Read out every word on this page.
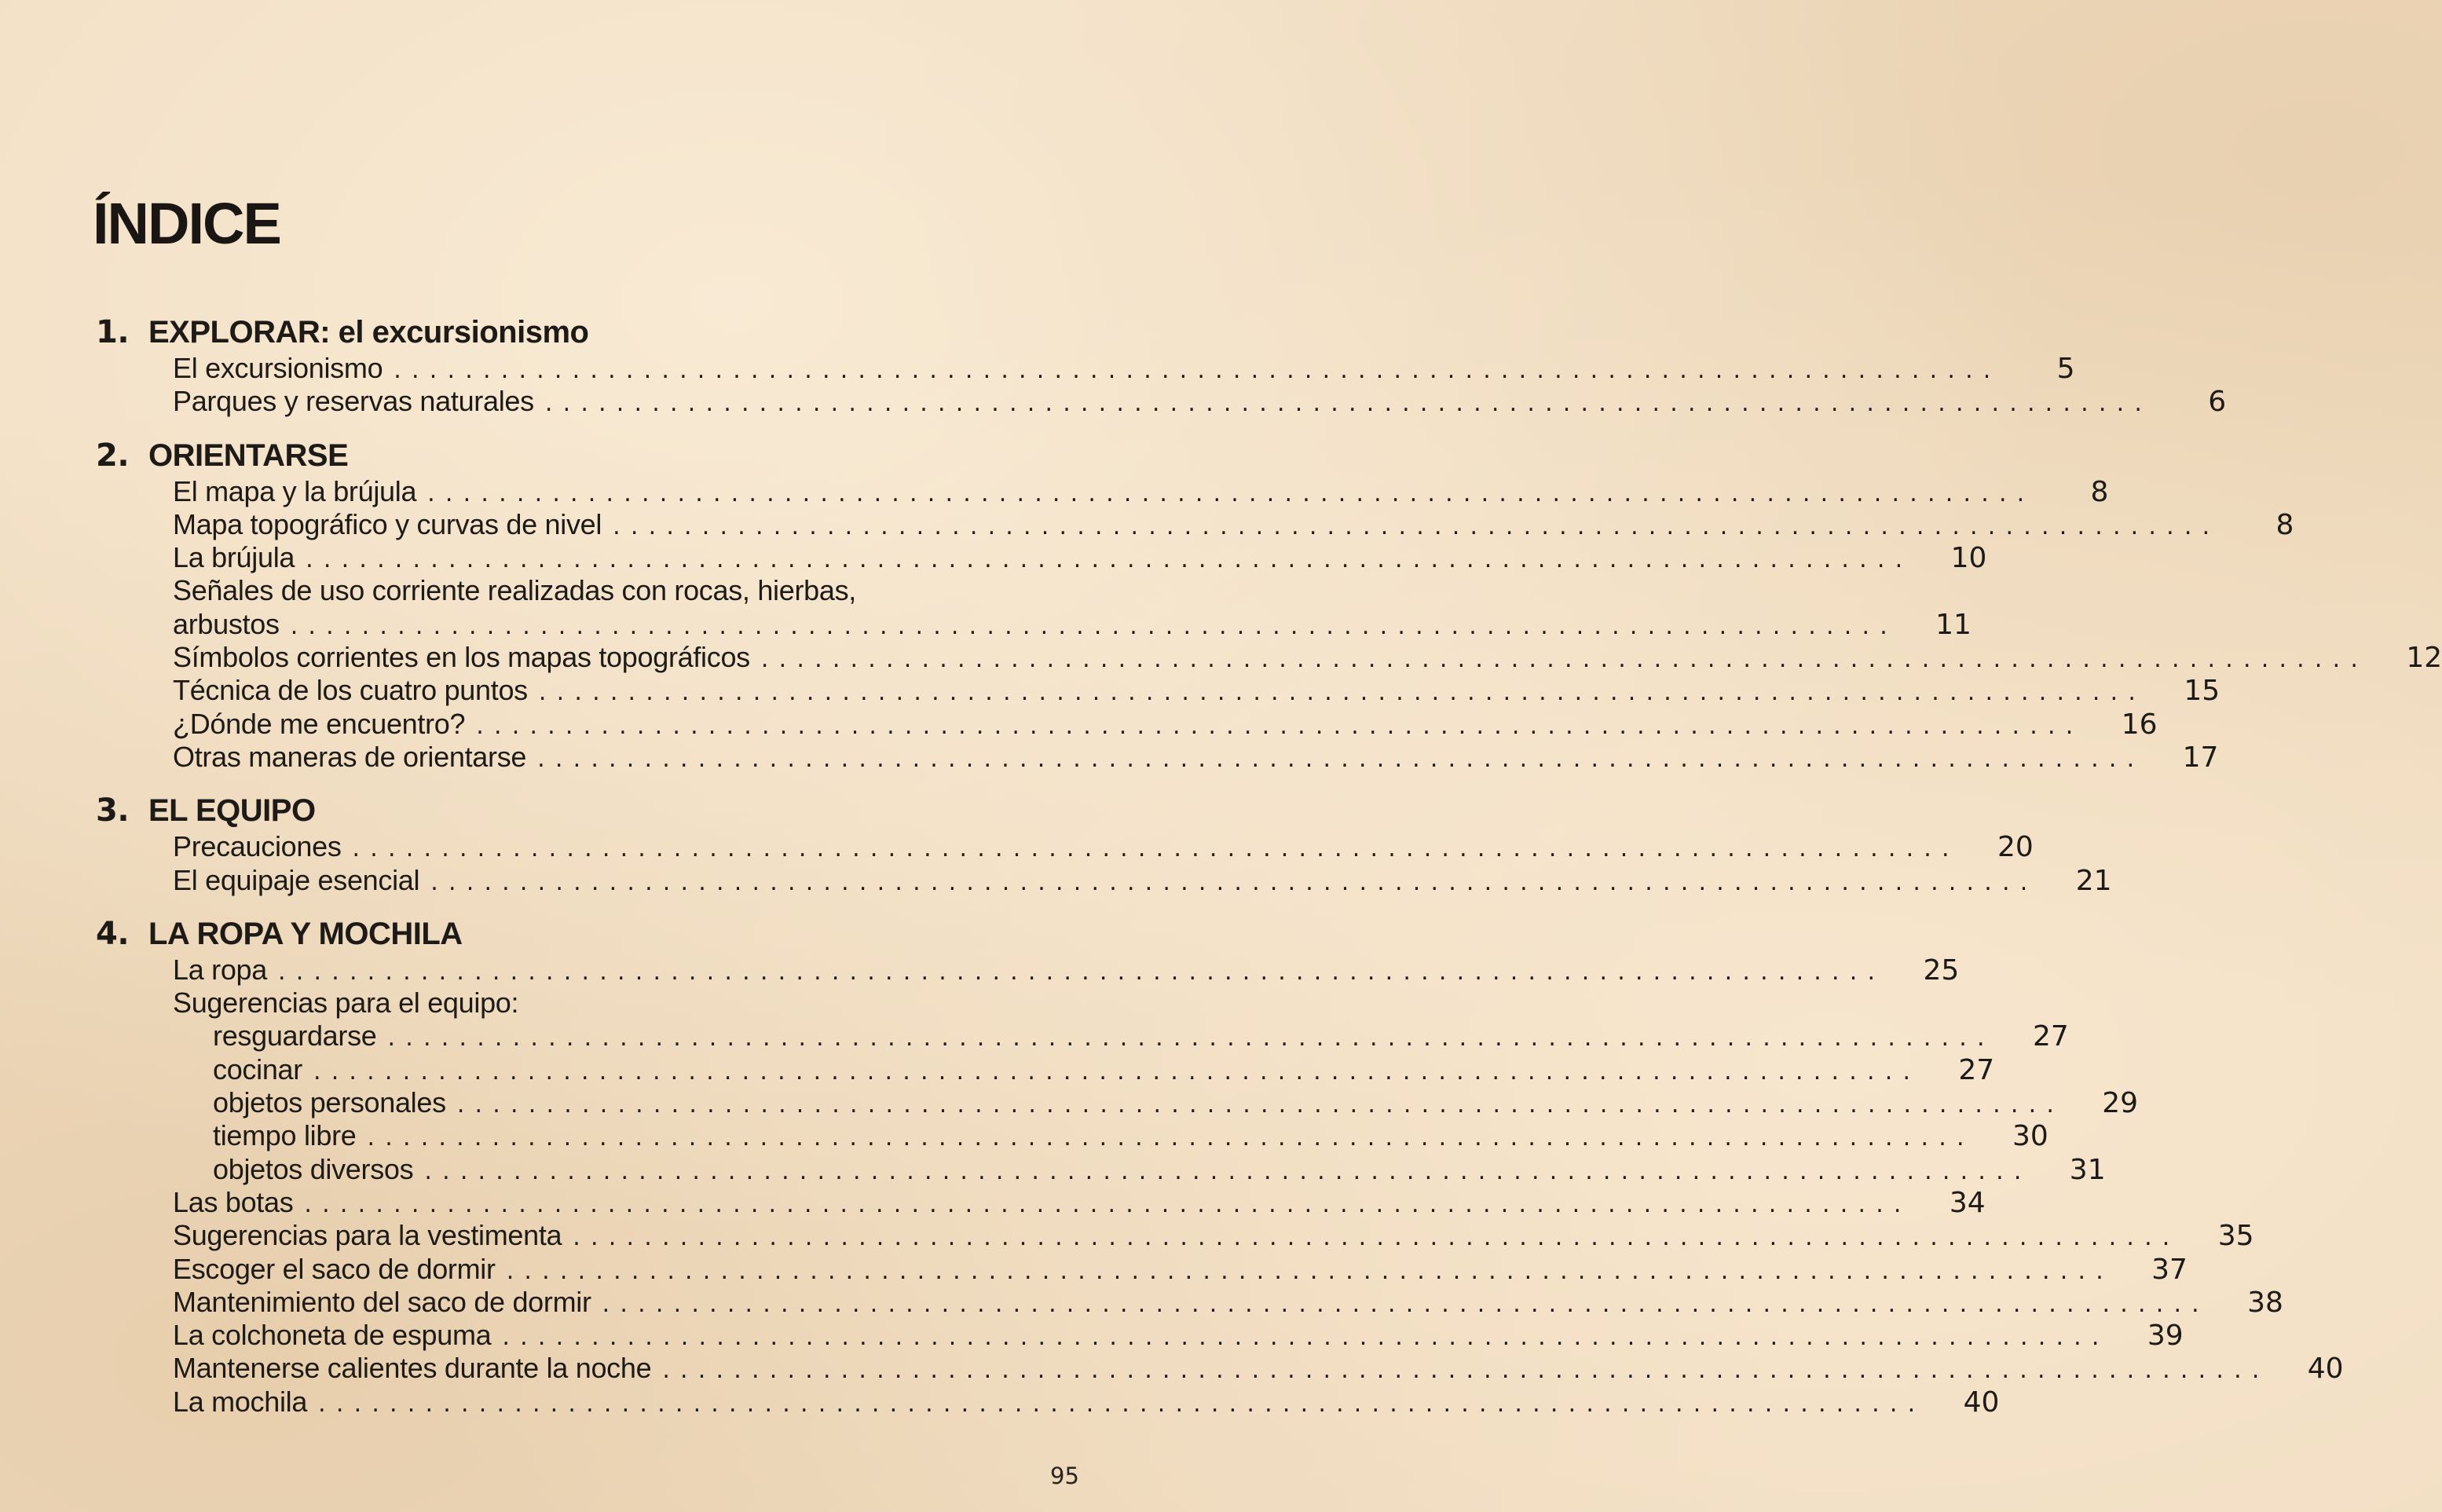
ÍNDICE
1. EXPLORAR: el excursionismo
El excursionismo ..........................................................................................	5
Parques y reservas naturales ..........................................................................................	6
2. ORIENTARSE
El mapa y la brújula ..........................................................................................	8
Mapa topográfico y curvas de nivel ..........................................................................................	8
La brújula ..........................................................................................	10
Señales de uso corriente realizadas con rocas, hierbas,
arbustos ..........................................................................................	11
Símbolos corrientes en los mapas topográficos ..........................................................................................	12
Técnica de los cuatro puntos ..........................................................................................	15
¿Dónde me encuentro? ..........................................................................................	16
Otras maneras de orientarse ..........................................................................................	17
3. EL EQUIPO
Precauciones ..........................................................................................	20
El equipaje esencial ..........................................................................................	21
4. LA ROPA Y MOCHILA
La ropa ..........................................................................................	25
Sugerencias para el equipo:
resguardarse ..........................................................................................	27
cocinar ..........................................................................................	27
objetos personales ..........................................................................................	29
tiempo libre ..........................................................................................	30
objetos diversos ..........................................................................................	31
Las botas ..........................................................................................	34
Sugerencias para la vestimenta ..........................................................................................	35
Escoger el saco de dormir ..........................................................................................	37
Mantenimiento del saco de dormir ..........................................................................................	38
La colchoneta de espuma ..........................................................................................	39
Mantenerse calientes durante la noche ..........................................................................................	40
La mochila ..........................................................................................	40
95
